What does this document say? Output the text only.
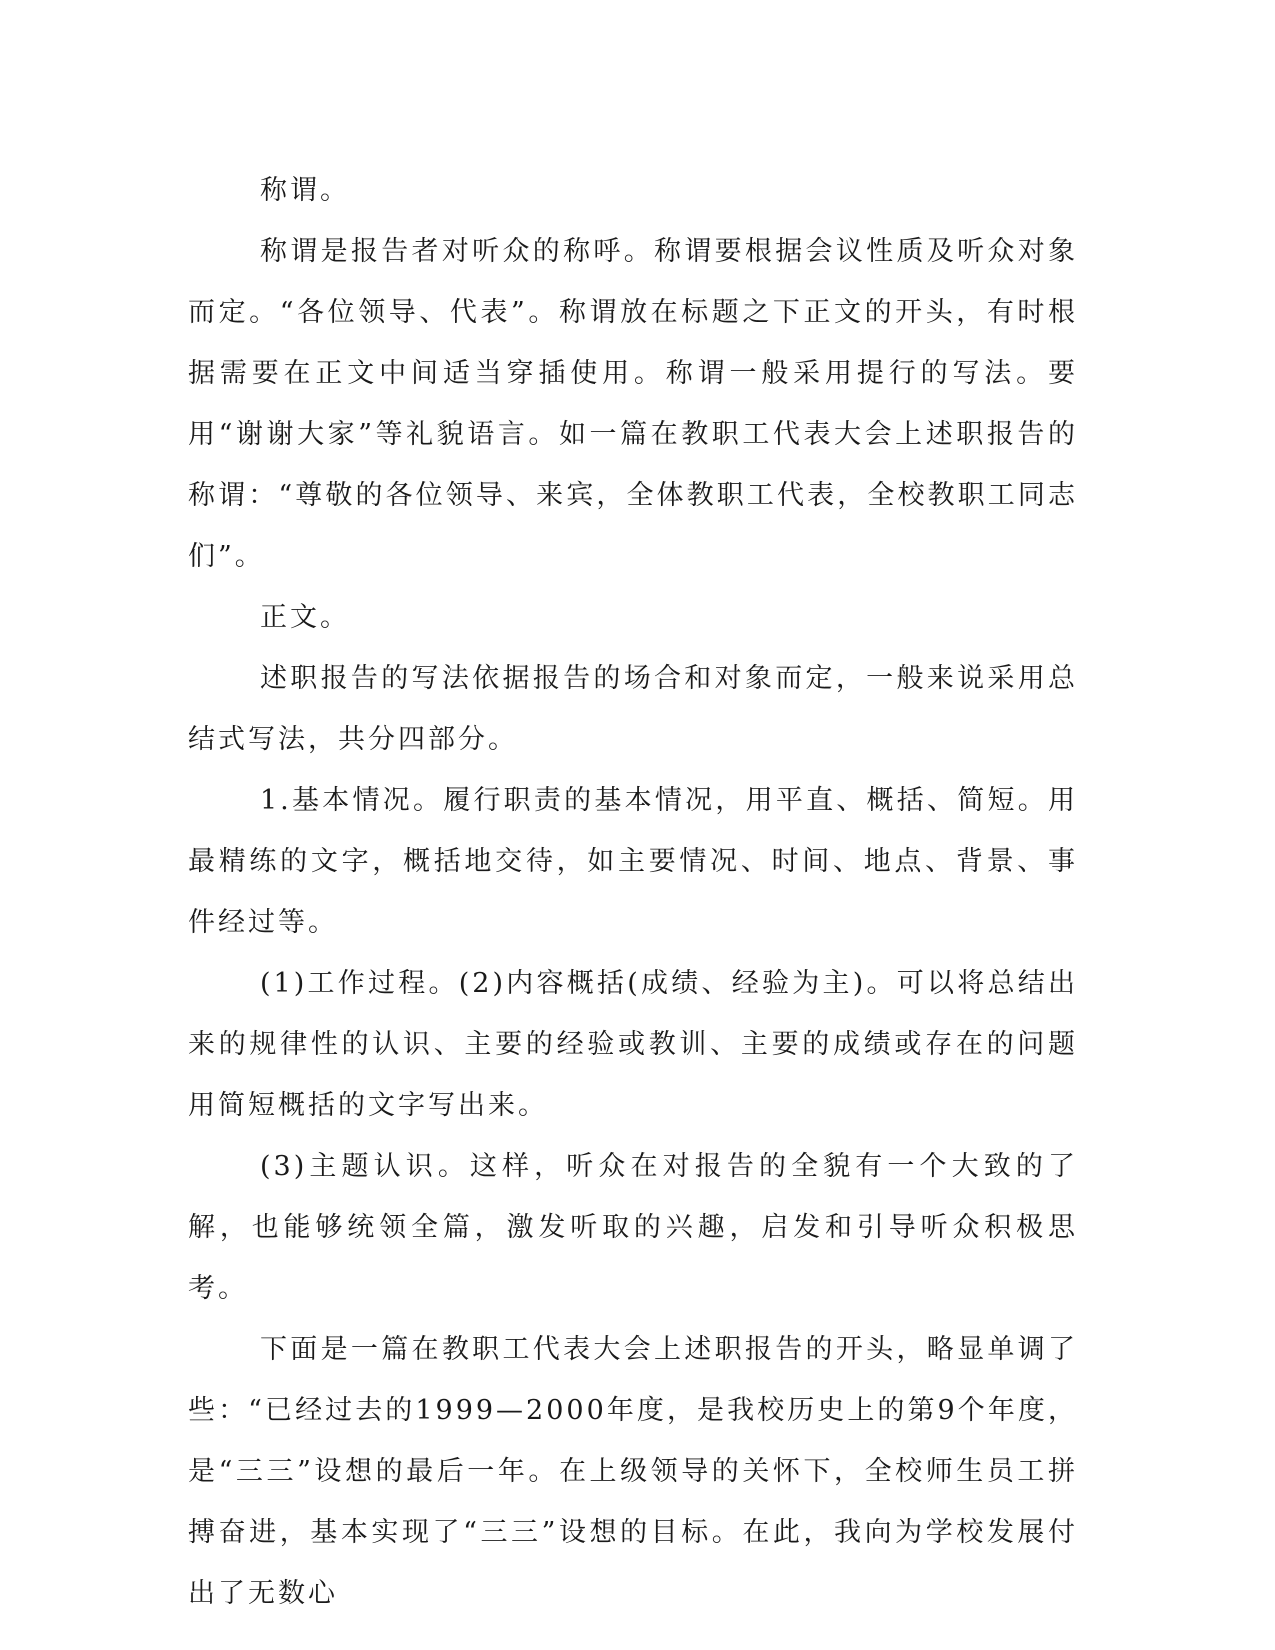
称谓。

称谓是报告者对听众的称呼。称谓要根据会议性质及听众对象而定。“各位领导、代表”。称谓放在标题之下正文的开头，有时根据需要在正文中间适当穿插使用。称谓一般采用提行的写法。要用“谢谢大家”等礼貌语言。如一篇在教职工代表大会上述职报告的称谓：“尊敬的各位领导、来宾，全体教职工代表，全校教职工同志们”。

正文。

述职报告的写法依据报告的场合和对象而定，一般来说采用总结式写法，共分四部分。

1.基本情况。履行职责的基本情况，用平直、概括、简短。用最精练的文字，概括地交待，如主要情况、时间、地点、背景、事件经过等。

(1)工作过程。(2)内容概括(成绩、经验为主)。可以将总结出来的规律性的认识、主要的经验或教训、主要的成绩或存在的问题用简短概括的文字写出来。

(3)主题认识。这样，听众在对报告的全貌有一个大致的了解，也能够统领全篇，激发听取的兴趣，启发和引导听众积极思考。

下面是一篇在教职工代表大会上述职报告的开头，略显单调了些：“已经过去的1999—2000年度，是我校历史上的第9个年度，是“三三”设想的最后一年。在上级领导的关怀下，全校师生员工拼搏奋进，基本实现了“三三”设想的目标。在此，我向为学校发展付出了无数心
